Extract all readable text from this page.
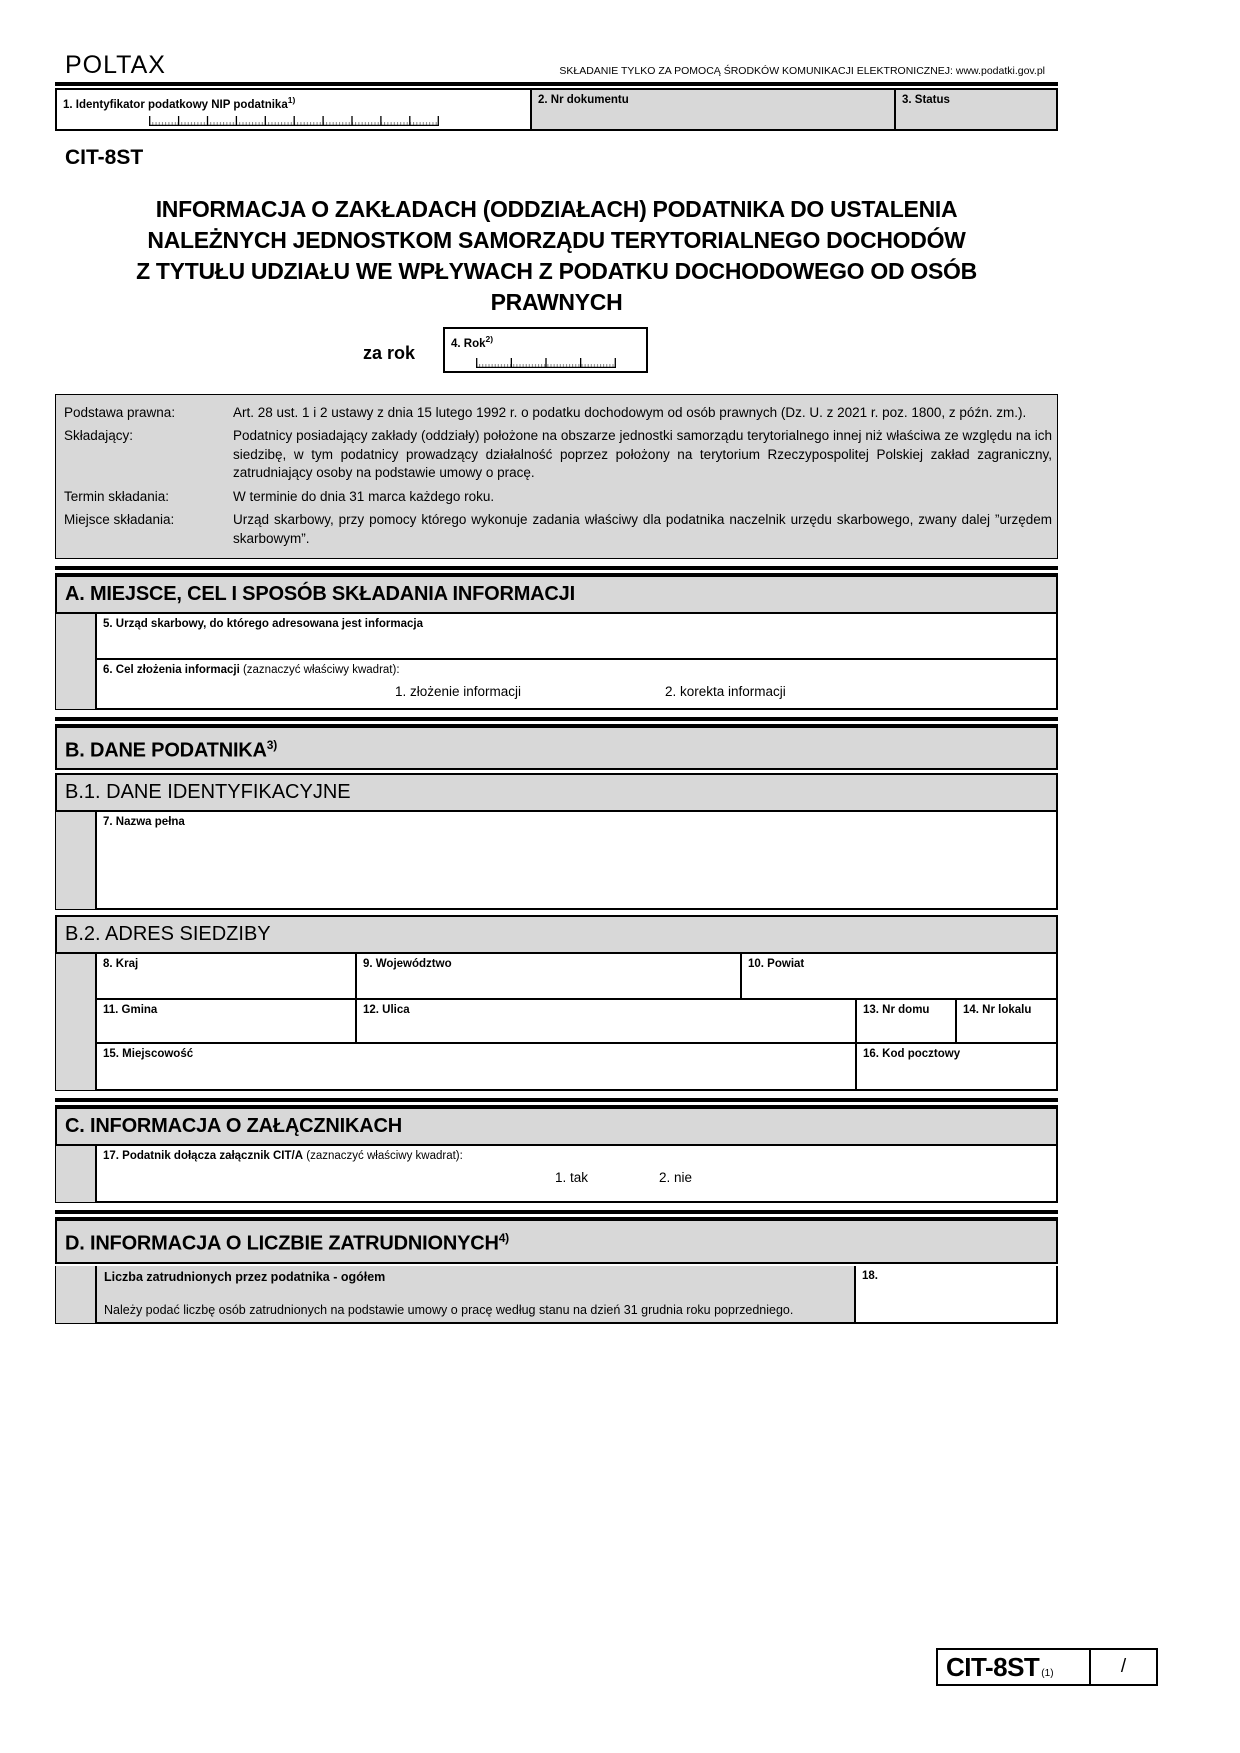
POLTAX	SKŁADANIE TYLKO ZA POMOCĄ ŚRODKÓW KOMUNIKACJI ELEKTRONICZNEJ: www.podatki.gov.pl
1. Identyfikator podatkowy NIP podatnika$^{1)}$	2. Nr dokumentu	3. Status
CIT-8ST
INFORMACJA O ZAKŁADACH (ODDZIAŁACH) PODATNIKA DO USTALENIA
NALEŻNYCH JEDNOSTKOM SAMORZĄDU TERYTORIALNEGO DOCHODÓW
Z TYTUŁU UDZIAŁU WE WPŁYWACH Z PODATKU DOCHODOWEGO OD OSÓB
PRAWNYCH
za rok	4. Rok$^{2)}$
Podstawa prawna:	Art. 28 ust. 1 i 2 ustawy z dnia 15 lutego 1992 r. o podatku dochodowym od osób prawnych (Dz. U. z 2021 r. poz. 1800, z późn. zm.).
Składający:	Podatnicy posiadający zakłady (oddziały) położone na obszarze jednostki samorządu terytorialnego innej niż właściwa ze względu na ich siedzibę, w tym podatnicy prowadzący działalność poprzez położony na terytorium Rzeczypospolitej Polskiej zakład zagraniczny, zatrudniający osoby na podstawie umowy o pracę.
Termin składania:	W terminie do dnia 31 marca każdego roku.
Miejsce składania:	Urząd skarbowy, przy pomocy którego wykonuje zadania właściwy dla podatnika naczelnik urzędu skarbowego, zwany dalej ”urzędem skarbowym”.
A. MIEJSCE, CEL I SPOSÓB SKŁADANIA INFORMACJI
5. Urząd skarbowy, do którego adresowana jest informacja
6. Cel złożenia informacji (zaznaczyć właściwy kwadrat):
1. złożenie informacji	2. korekta informacji
B. DANE PODATNIKA$^{3)}$
B.1. DANE IDENTYFIKACYJNE
7. Nazwa pełna
B.2. ADRES SIEDZIBY
8. Kraj	9. Województwo	10. Powiat
11. Gmina	12. Ulica	13. Nr domu	14. Nr lokalu
15. Miejscowość	16. Kod pocztowy
C. INFORMACJA O ZAŁĄCZNIKACH
17. Podatnik dołącza załącznik CIT/A (zaznaczyć właściwy kwadrat):
1. tak	2. nie
D. INFORMACJA O LICZBIE ZATRUDNIONYCH$^{4)}$
Liczba zatrudnionych przez podatnika - ogółem
Należy podać liczbę osób zatrudnionych na podstawie umowy o pracę według stanu na dzień 31 grudnia roku poprzedniego.
18.
CIT-8ST (1)	/
